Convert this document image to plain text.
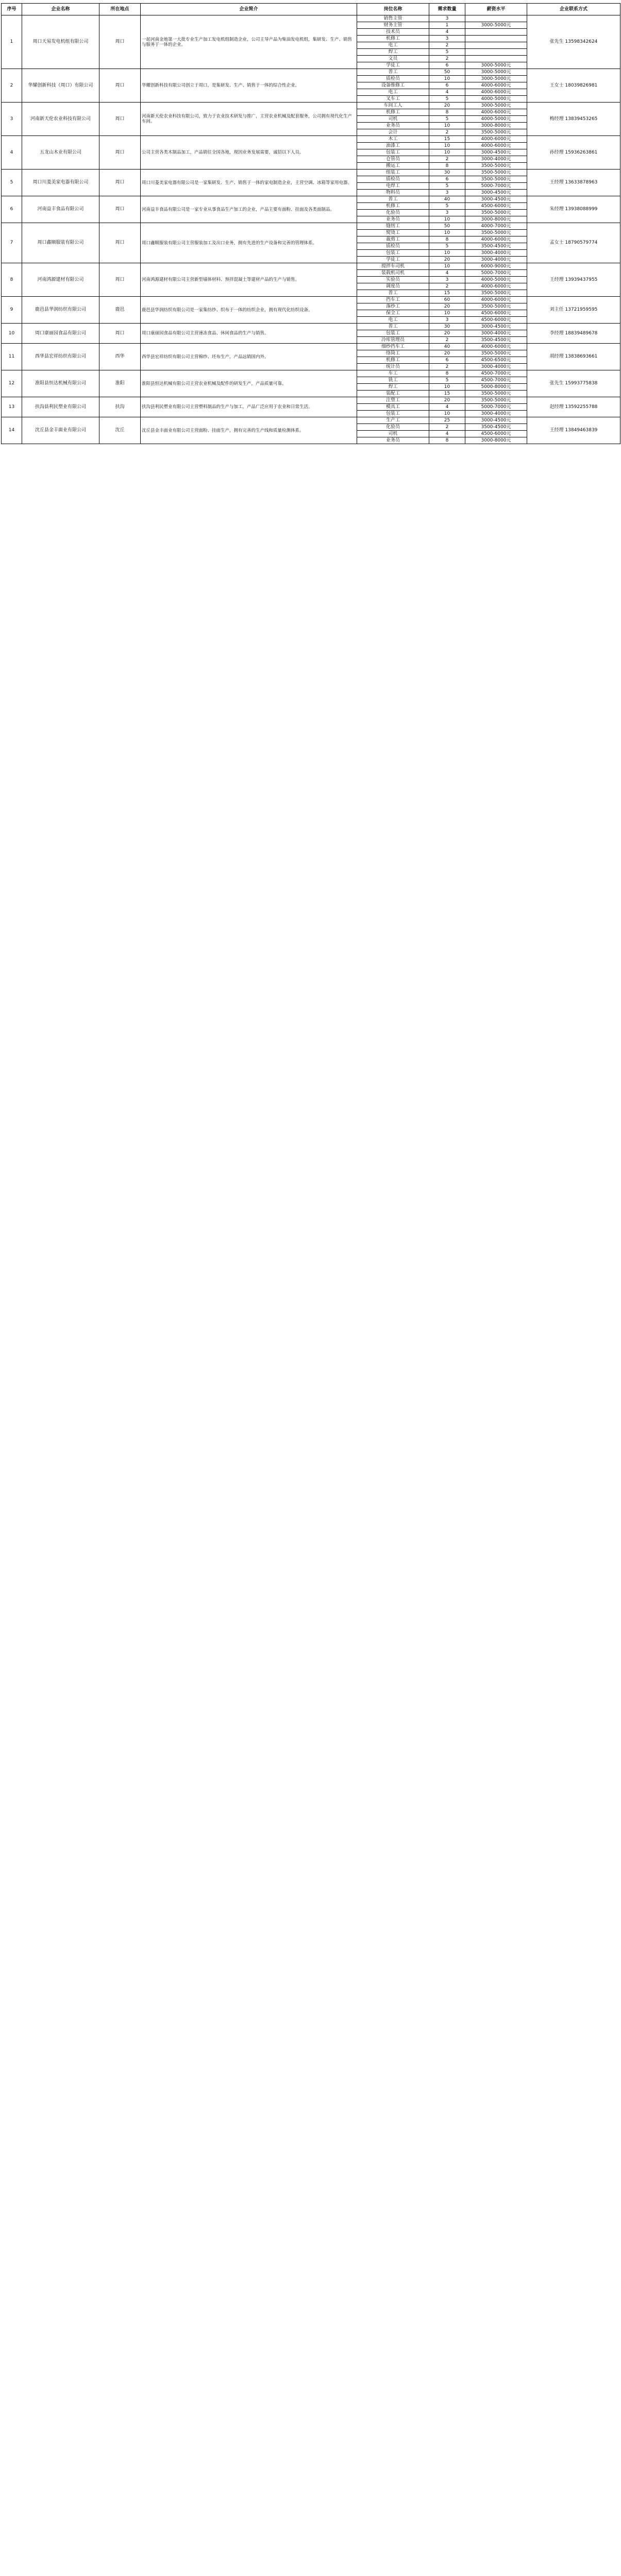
序号	企业名称	所在地点	企业简介	岗位名称	需求数量	薪资水平	企业联系方式
1	周口天易发电机组有限公司	周口	一起河南金地第一大批专业生产加工发电机组制造企业，公司主导产品为柴油发电机组，集研发、生产、销售与服务于一体的企业。	销售主管	3		张先生 13598342624
				财务主管	1	3000-5000元	
				技术员	4		
				机修工	3		
				电工	2		
				焊工	5		
				文员	2		
				学徒工	6	3000-5000元	
2	华耀创新科技（周口）有限公司	周口	华耀创新科技有限公司创立于周口，是集研发、生产、销售于一体的综合性企业。	普工	50	3000-5000元	王女士 18039826981
				质检员	10	3000-5000元	
				设备维修工	6	4000-6000元	
				电工	4	4000-6000元	
				叉车工	5	4000-5000元	
3	河南新天伦农业科技有限公司	周口	河南新天伦农业科技有限公司，致力于农业技术研发与推广，主营农业机械及配套服务，公司拥有现代化生产车间。	车间工人	20	3000-5000元	梅经理 13839453265
				机修工	8	4000-6000元	
				司机	5	4000-5000元	
				业务员	10	3000-8000元	
				会计	2	3500-5000元	
4	五龙山木业有限公司	周口	公司主营各类木制品加工，产品销往全国各地，现因业务发展需要，诚招以下人员。	木工	15	4000-6000元	孙经理 15936263861
				油漆工	10	4000-6000元	
				包装工	10	3000-4500元	
				仓管员	2	3000-4000元	
				搬运工	8	3500-5000元	
5	周口川菱美家电器有限公司	周口	周口川菱美家电器有限公司是一家集研发、生产、销售于一体的家电制造企业，主营空调、冰箱等家用电器。	组装工	30	3500-5000元	王经理 13633878963
				质检员	6	3500-5000元	
				电焊工	5	5000-7000元	
				物料员	3	3000-4500元	
6	河南益丰食品有限公司	周口	河南益丰食品有限公司是一家专业从事食品生产加工的企业，产品主要有面粉、挂面及各类面制品。	普工	40	3000-4500元	朱经理 13938088999
				机修工	5	4500-6000元	
				化验员	3	3500-5000元	
				业务员	10	3000-8000元	
7	周口鑫顺服装有限公司	周口	周口鑫顺服装有限公司主营服装加工及出口业务，拥有先进的生产设备和完善的管理体系。	缝纫工	50	4000-7000元	孟女士 18790579774
				熨烫工	10	3500-5000元	
				裁剪工	8	4000-6000元	
				质检员	5	3500-4500元	
				包装工	10	3000-4000元	
				学徒工	20	3000-4000元	
8	河南鸿源建材有限公司	周口	河南鸿源建材有限公司主营新型墙体材料、预拌混凝土等建材产品的生产与销售。	搅拌车司机	10	6000-9000元	王经理 13939437955
				装载机司机	4	5000-7000元	
				实验员	3	4000-5000元	
				调度员	2	4000-6000元	
				普工	15	3500-5000元	
9	鹿邑县华润纺织有限公司	鹿邑	鹿邑县华润纺织有限公司是一家集纺纱、织布于一体的纺织企业，拥有现代化纺织设备。	挡车工	60	4000-6000元	刘主任 13721959595
				落纱工	20	3500-5000元	
				保全工	10	4500-6000元	
				电工	3	4500-6000元	
10	周口康丽园食品有限公司	周口	周口康丽园食品有限公司主营速冻食品、休闲食品的生产与销售。	普工	30	3000-4500元	李经理 18839489678
				包装工	20	3000-4000元	
				冷库管理员	2	3500-4500元	
11	西华县宏祥纺织有限公司	西华	西华县宏祥纺织有限公司主营棉纱、坯布生产，产品远销国内外。	细纱挡车工	40	4000-6000元	胡经理 13838693661
				络筒工	20	3500-5000元	
				机修工	6	4500-6500元	
				统计员	2	3000-4000元	
12	淮阳县恒达机械有限公司	淮阳	淮阳县恒达机械有限公司主营农业机械及配件的研发生产，产品质量可靠。	车工	8	4500-7000元	张先生 15993775838
				铣工	5	4500-7000元	
				焊工	10	5000-8000元	
				装配工	15	3500-5000元	
13	扶沟县利民塑业有限公司	扶沟	扶沟县利民塑业有限公司主营塑料制品的生产与加工，产品广泛应用于农业和日常生活。	注塑工	20	3500-5000元	赵经理 13592255788
				模具工	4	5000-7000元	
				包装工	10	3000-4000元	
14	沈丘县金丰面业有限公司	沈丘	沈丘县金丰面业有限公司主营面粉、挂面生产，拥有完善的生产线和质量检测体系。	生产工	25	3000-4500元	王经理 13849463839
				化验员	2	3500-4500元	
				司机	4	4500-6000元	
				业务员	8	3000-8000元	
